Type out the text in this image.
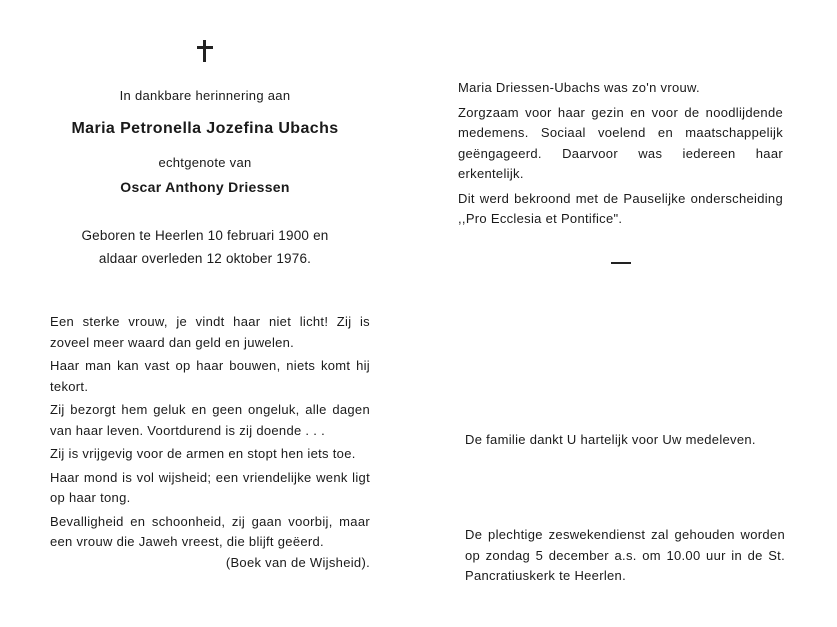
In dankbare herinnering aan
Maria Petronella Jozefina Ubachs
echtgenote van
Oscar Anthony Driessen
Geboren te Heerlen 10 februari 1900 en
aldaar overleden 12 oktober 1976.

Een sterke vrouw, je vindt haar niet licht! Zij is zoveel meer waard dan geld en juwelen.

Haar man kan vast op haar bouwen, niets komt hij tekort.

Zij bezorgt hem geluk en geen ongeluk, alle dagen van haar leven. Voortdurend is zij doende . . .

Zij is vrijgevig voor de armen en stopt hen iets toe.

Haar mond is vol wijsheid; een vriendelijke wenk ligt op haar tong.

Bevalligheid en schoonheid, zij gaan voorbij, maar een vrouw die Jaweh vreest, die blijft geëerd.

(Boek van de Wijsheid).

Maria Driessen-Ubachs was zo'n vrouw.

Zorgzaam voor haar gezin en voor de noodlijdende medemens. Sociaal voelend en maatschappelijk geëngageerd. Daarvoor was iedereen haar erkentelijk.

Dit werd bekroond met de Pauselijke onderscheiding ,,Pro Ecclesia et Pontifice".

De familie dankt U hartelijk voor Uw medeleven.

De plechtige zeswekendienst zal gehouden worden op zondag 5 december a.s. om 10.00 uur in de St. Pancratiuskerk te Heerlen.
